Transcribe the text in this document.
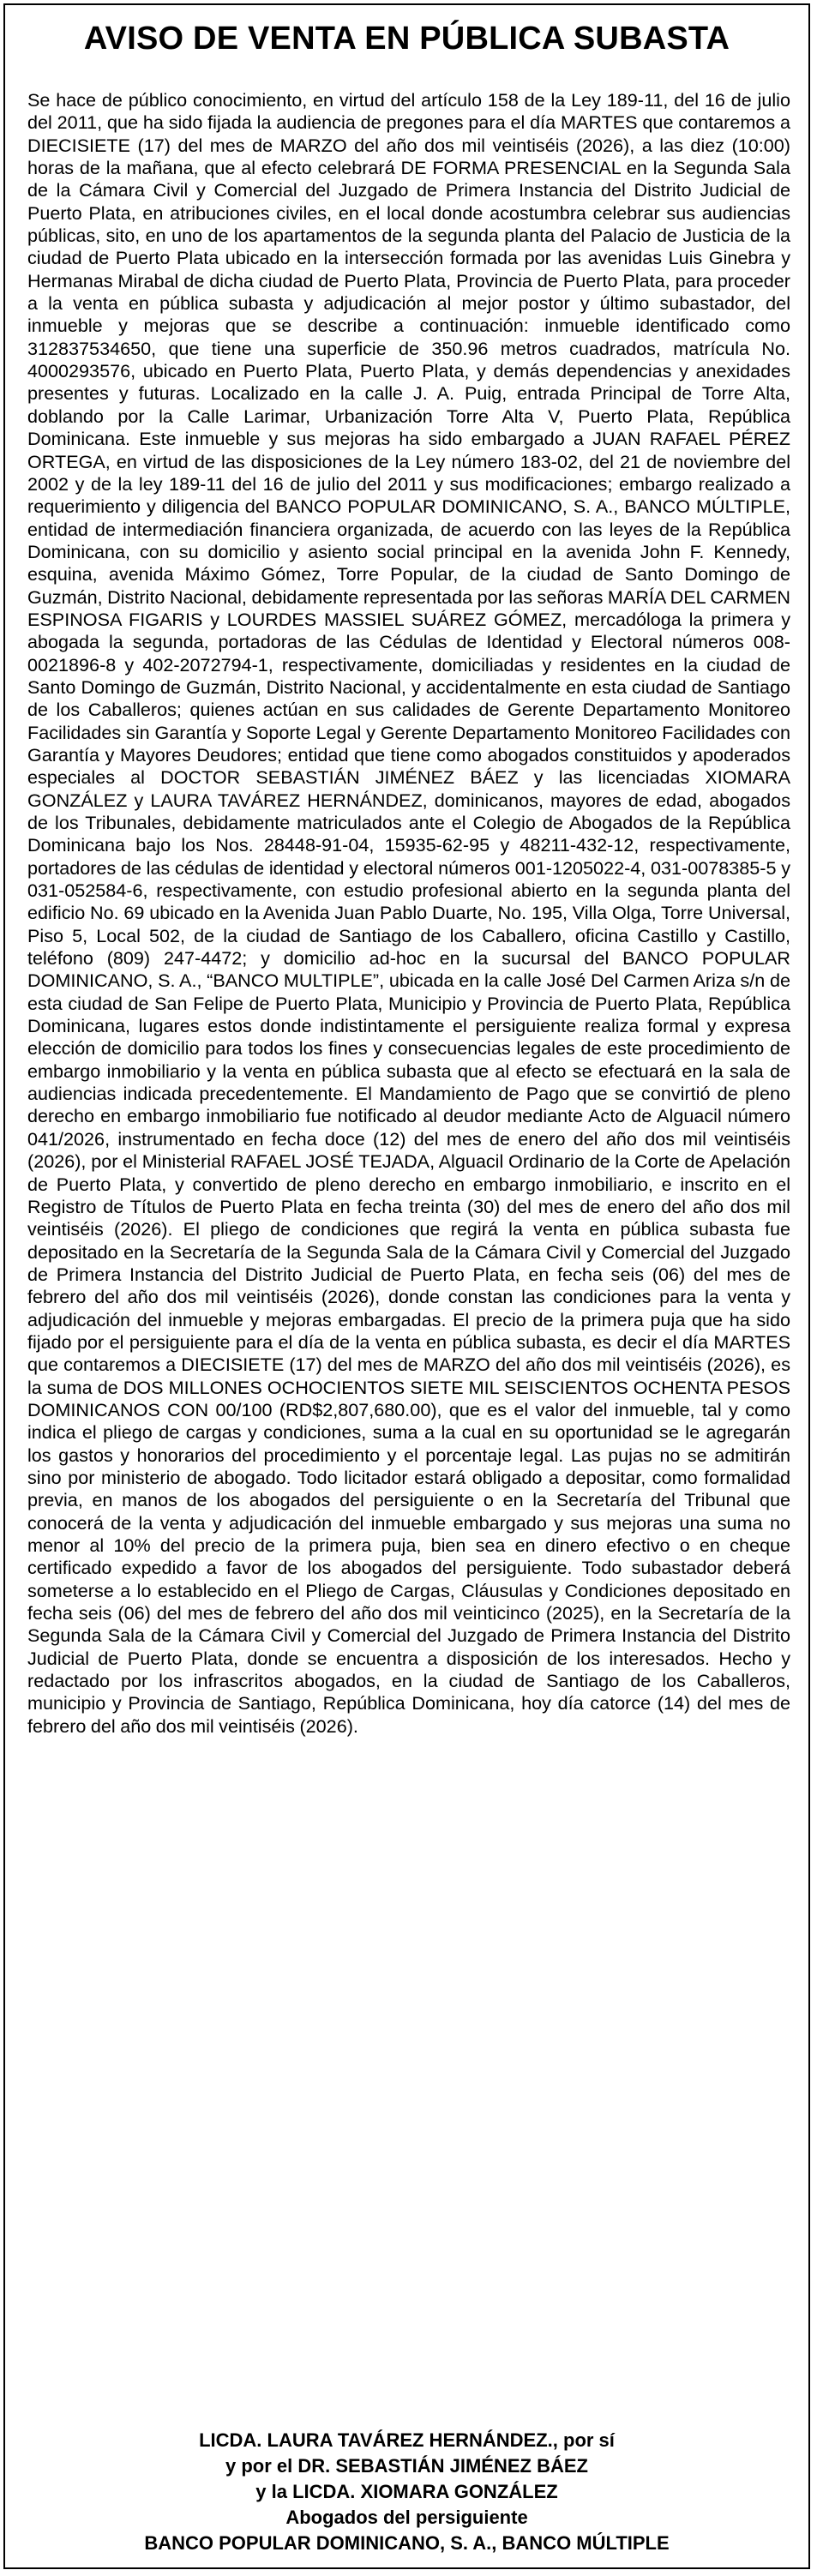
AVISO DE VENTA EN PÚBLICA SUBASTA
Se hace de público conocimiento, en virtud del artículo 158 de la Ley 189-11, del 16 de julio del 2011, que ha sido fijada la audiencia de pregones para el día MARTES que contaremos a DIECISIETE (17) del mes de MARZO del año dos mil veintiséis (2026), a las diez (10:00) horas de la mañana, que al efecto celebrará DE FORMA PRESENCIAL en la Segunda Sala de la Cámara Civil y Comercial del Juzgado de Primera Instancia del Distrito Judicial de Puerto Plata, en atribuciones civiles, en el local donde acostumbra celebrar sus audiencias públicas, sito, en uno de los apartamentos de la segunda planta del Palacio de Justicia de la ciudad de Puerto Plata ubicado en la intersección formada por las avenidas Luis Ginebra y Hermanas Mirabal de dicha ciudad de Puerto Plata, Provincia de Puerto Plata, para proceder a la venta en pública subasta y adjudicación al mejor postor y último subastador, del inmueble y mejoras que se describe a continuación: inmueble identificado como 312837534650, que tiene una superficie de 350.96 metros cuadrados, matrícula No. 4000293576, ubicado en Puerto Plata, Puerto Plata, y demás dependencias y anexidades presentes y futuras. Localizado en la calle J. A. Puig, entrada Principal de Torre Alta, doblando por la Calle Larimar, Urbanización Torre Alta V, Puerto Plata, República Dominicana. Este inmueble y sus mejoras ha sido embargado a JUAN RAFAEL PÉREZ ORTEGA, en virtud de las disposiciones de la Ley número 183-02, del 21 de noviembre del 2002 y de la ley 189-11 del 16 de julio del 2011 y sus modificaciones; embargo realizado a requerimiento y diligencia del BANCO POPULAR DOMINICANO, S. A., BANCO MÚLTIPLE, entidad de intermediación financiera organizada, de acuerdo con las leyes de la República Dominicana, con su domicilio y asiento social principal en la avenida John F. Kennedy, esquina, avenida Máximo Gómez, Torre Popular, de la ciudad de Santo Domingo de Guzmán, Distrito Nacional, debidamente representada por las señoras MARÍA DEL CARMEN ESPINOSA FIGARIS y LOURDES MASSIEL SUÁREZ GÓMEZ, mercadóloga la primera y abogada la segunda, portadoras de las Cédulas de Identidad y Electoral números 008-0021896-8 y 402-2072794-1, respectivamente, domiciliadas y residentes en la ciudad de Santo Domingo de Guzmán, Distrito Nacional, y accidentalmente en esta ciudad de Santiago de los Caballeros; quienes actúan en sus calidades de Gerente Departamento Monitoreo Facilidades sin Garantía y Soporte Legal y Gerente Departamento Monitoreo Facilidades con Garantía y Mayores Deudores; entidad que tiene como abogados constituidos y apoderados especiales al DOCTOR SEBASTIÁN JIMÉNEZ BÁEZ y las licenciadas XIOMARA GONZÁLEZ y LAURA TAVÁREZ HERNÁNDEZ, dominicanos, mayores de edad, abogados de los Tribunales, debidamente matriculados ante el Colegio de Abogados de la República Dominicana bajo los Nos. 28448-91-04, 15935-62-95 y 48211-432-12, respectivamente, portadores de las cédulas de identidad y electoral números 001-1205022-4, 031-0078385-5 y 031-052584-6, respectivamente, con estudio profesional abierto en la segunda planta del edificio No. 69 ubicado en la Avenida Juan Pablo Duarte, No. 195, Villa Olga, Torre Universal, Piso 5, Local 502, de la ciudad de Santiago de los Caballero, oficina Castillo y Castillo, teléfono (809) 247-4472; y domicilio ad-hoc en la sucursal del BANCO POPULAR DOMINICANO, S. A., “BANCO MULTIPLE”, ubicada en la calle José Del Carmen Ariza s/n de esta ciudad de San Felipe de Puerto Plata, Municipio y Provincia de Puerto Plata, República Dominicana, lugares estos donde indistintamente el persiguiente realiza formal y expresa elección de domicilio para todos los fines y consecuencias legales de este procedimiento de embargo inmobiliario y la venta en pública subasta que al efecto se efectuará en la sala de audiencias indicada precedentemente. El Mandamiento de Pago que se convirtió de pleno derecho en embargo inmobiliario fue notificado al deudor mediante Acto de Alguacil número 041/2026, instrumentado en fecha doce (12) del mes de enero del año dos mil veintiséis (2026), por el Ministerial RAFAEL JOSÉ TEJADA, Alguacil Ordinario de la Corte de Apelación de Puerto Plata, y convertido de pleno derecho en embargo inmobiliario, e inscrito en el Registro de Títulos de Puerto Plata en fecha treinta (30) del mes de enero del año dos mil veintiséis (2026). El pliego de condiciones que regirá la venta en pública subasta fue depositado en la Secretaría de la Segunda Sala de la Cámara Civil y Comercial del Juzgado de Primera Instancia del Distrito Judicial de Puerto Plata, en fecha seis (06) del mes de febrero del año dos mil veintiséis (2026), donde constan las condiciones para la venta y adjudicación del inmueble y mejoras embargadas. El precio de la primera puja que ha sido fijado por el persiguiente para el día de la venta en pública subasta, es decir el día MARTES que contaremos a DIECISIETE (17) del mes de MARZO del año dos mil veintiséis (2026), es la suma de DOS MILLONES OCHOCIENTOS SIETE MIL SEISCIENTOS OCHENTA PESOS DOMINICANOS CON 00/100 (RD$2,807,680.00), que es el valor del inmueble, tal y como indica el pliego de cargas y condiciones, suma a la cual en su oportunidad se le agregarán los gastos y honorarios del procedimiento y el porcentaje legal. Las pujas no se admitirán sino por ministerio de abogado. Todo licitador estará obligado a depositar, como formalidad previa, en manos de los abogados del persiguiente o en la Secretaría del Tribunal que conocerá de la venta y adjudicación del inmueble embargado y sus mejoras una suma no menor al 10% del precio de la primera puja, bien sea en dinero efectivo o en cheque certificado expedido a favor de los abogados del persiguiente. Todo subastador deberá someterse a lo establecido en el Pliego de Cargas, Cláusulas y Condiciones depositado en fecha seis (06) del mes de febrero del año dos mil veinticinco (2025), en la Secretaría de la Segunda Sala de la Cámara Civil y Comercial del Juzgado de Primera Instancia del Distrito Judicial de Puerto Plata, donde se encuentra a disposición de los interesados. Hecho y redactado por los infrascritos abogados, en la ciudad de Santiago de los Caballeros, municipio y Provincia de Santiago, República Dominicana, hoy día catorce (14) del mes de febrero del año dos mil veintiséis (2026).
LICDA. LAURA TAVÁREZ HERNÁNDEZ., por sí
y por el DR. SEBASTIÁN JIMÉNEZ BÁEZ
y la LICDA. XIOMARA GONZÁLEZ
Abogados del persiguiente
BANCO POPULAR DOMINICANO, S. A., BANCO MÚLTIPLE
